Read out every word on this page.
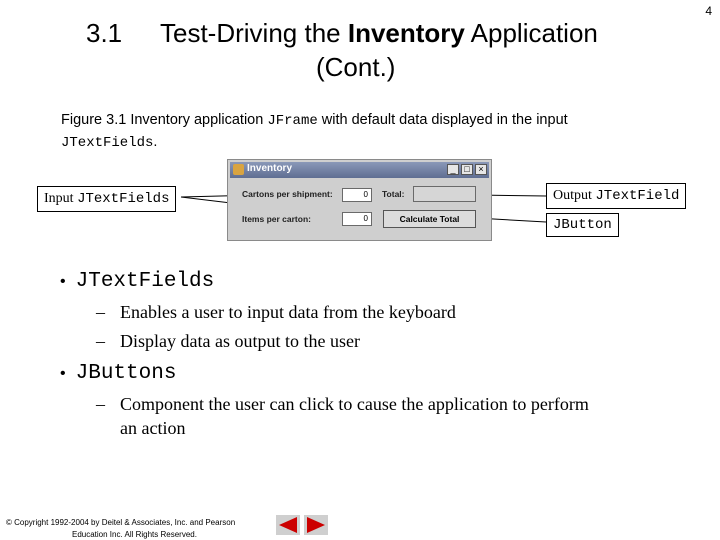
4
3.1 Test-Driving the Inventory Application
(Cont.)
Figure 3.1 Inventory application JFrame with default data displayed in the input
JTextFields.
Inventory	_ □ ×
Cartons per shipment:	0
Items per carton:	0
Total:
Calculate Total
Input JTextFields	Output JTextField
JButton
• JTextFields
– Enables a user to input data from the keyboard
– Display data as output to the user
• JButtons
– Component the user can click to cause the application to perform
an action
© Copyright 1992-2004 by Deitel & Associates, Inc. and Pearson
Education Inc. All Rights Reserved.
